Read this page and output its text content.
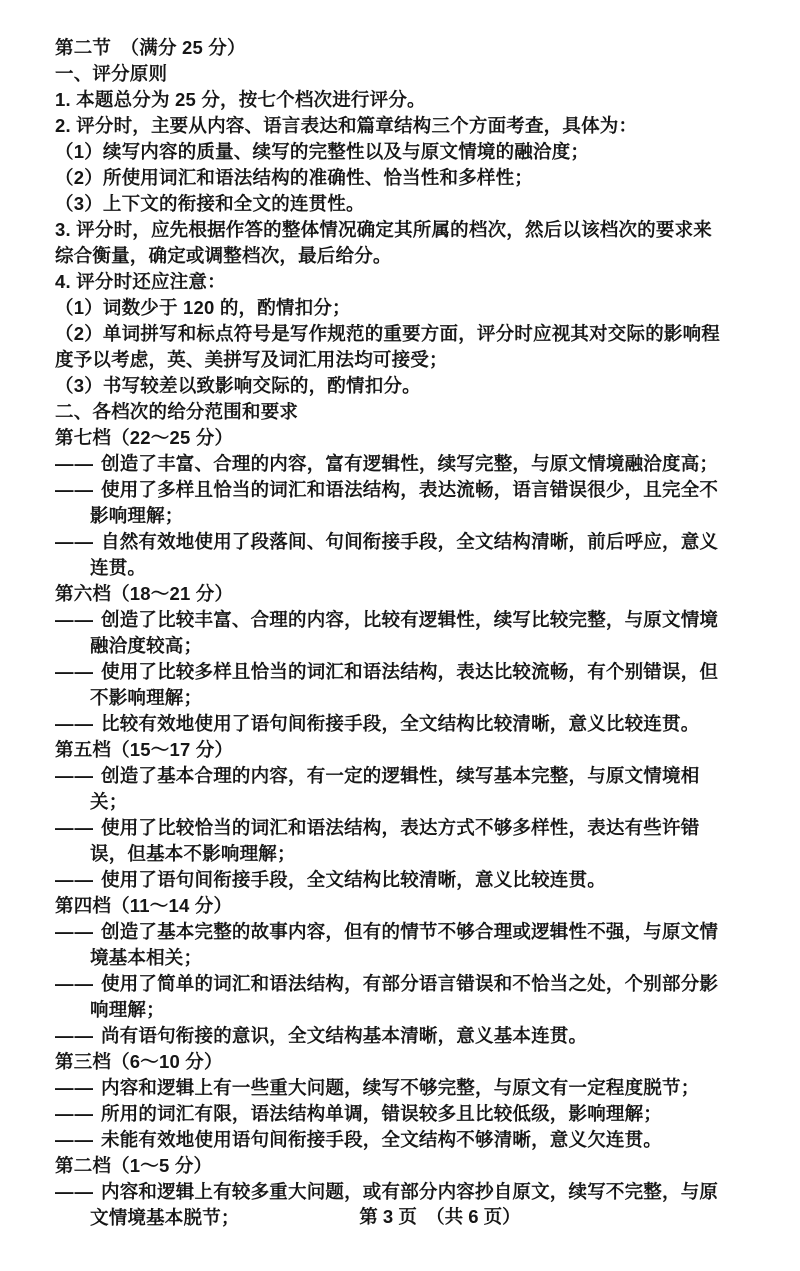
第二节　（满分 25 分）
一、评分原则
1. 本题总分为 25 分，按七个档次进行评分。
2. 评分时，主要从内容、语言表达和篇章结构三个方面考查，具体为：
（1）续写内容的质量、续写的完整性以及与原文情境的融洽度；
（2）所使用词汇和语法结构的准确性、恰当性和多样性；
（3）上下文的衔接和全文的连贯性。
3. 评分时，应先根据作答的整体情况确定其所属的档次，然后以该档次的要求来综合衡量，确定或调整档次，最后给分。
4. 评分时还应注意：
（1）词数少于 120 的，酌情扣分；
（2）单词拼写和标点符号是写作规范的重要方面，评分时应视其对交际的影响程度予以考虑，英、美拼写及词汇用法均可接受；
（3）书写较差以致影响交际的，酌情扣分。
二、各档次的给分范围和要求
第七档（22～25 分）
—— 创造了丰富、合理的内容，富有逻辑性，续写完整，与原文情境融洽度高；
—— 使用了多样且恰当的词汇和语法结构，表达流畅，语言错误很少，且完全不影响理解；
—— 自然有效地使用了段落间、句间衔接手段，全文结构清晰，前后呼应，意义连贯。
第六档（18～21 分）
—— 创造了比较丰富、合理的内容，比较有逻辑性，续写比较完整，与原文情境融洽度较高；
—— 使用了比较多样且恰当的词汇和语法结构，表达比较流畅，有个别错误，但不影响理解；
—— 比较有效地使用了语句间衔接手段，全文结构比较清晰，意义比较连贯。
第五档（15～17 分）
—— 创造了基本合理的内容，有一定的逻辑性，续写基本完整，与原文情境相关；
—— 使用了比较恰当的词汇和语法结构，表达方式不够多样性，表达有些许错误，但基本不影响理解；
—— 使用了语句间衔接手段，全文结构比较清晰，意义比较连贯。
第四档（11～14 分）
—— 创造了基本完整的故事内容，但有的情节不够合理或逻辑性不强，与原文情境基本相关；
—— 使用了简单的词汇和语法结构，有部分语言错误和不恰当之处，个别部分影响理解；
—— 尚有语句衔接的意识，全文结构基本清晰，意义基本连贯。
第三档（6～10 分）
—— 内容和逻辑上有一些重大问题，续写不够完整，与原文有一定程度脱节；
—— 所用的词汇有限，语法结构单调，错误较多且比较低级，影响理解；
—— 未能有效地使用语句间衔接手段，全文结构不够清晰，意义欠连贯。
第二档（1～5 分）
—— 内容和逻辑上有较多重大问题，或有部分内容抄自原文，续写不完整，与原文情境基本脱节；	第 3 页　（共 6 页）
